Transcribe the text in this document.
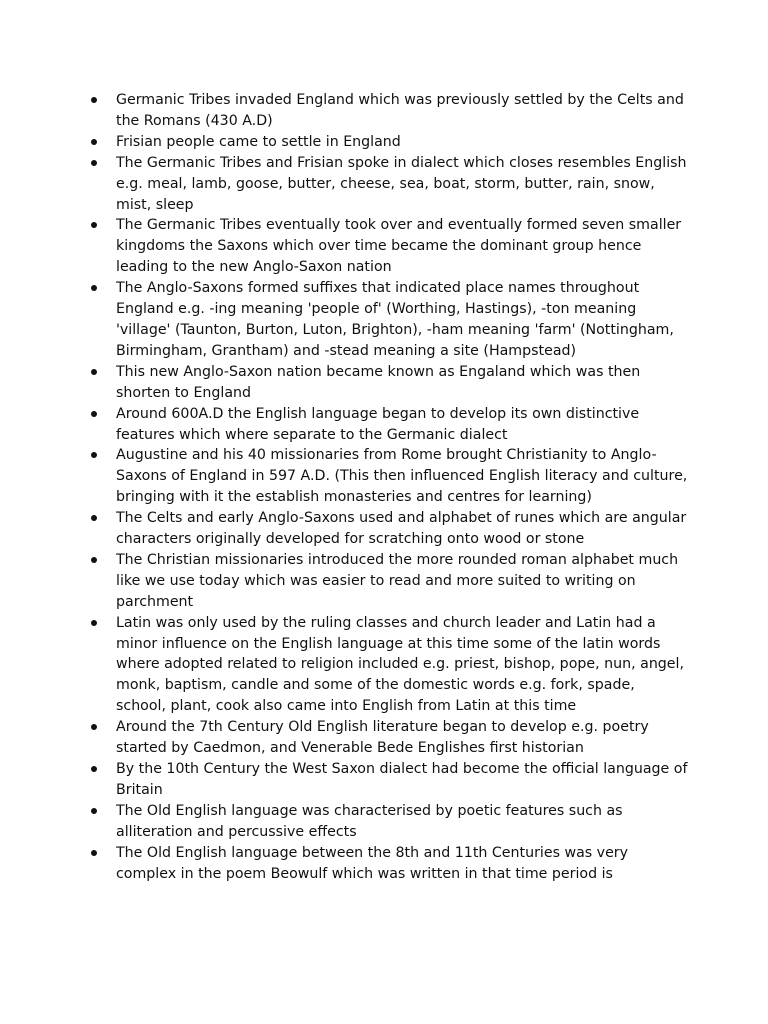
Germanic Tribes invaded England which was previously settled by the Celts and the Romans (430 A.D)
Frisian people came to settle in England
The Germanic Tribes and Frisian spoke in dialect which closes resembles English e.g. meal, lamb, goose, butter, cheese, sea, boat, storm, butter, rain, snow, mist, sleep
The Germanic Tribes eventually took over and eventually formed seven smaller kingdoms the Saxons which over time became the dominant group hence leading to the new Anglo-Saxon nation
The Anglo-Saxons formed suffixes that indicated place names throughout England e.g. -ing meaning 'people of' (Worthing, Hastings), -ton meaning 'village' (Taunton, Burton, Luton, Brighton), -ham meaning 'farm' (Nottingham, Birmingham, Grantham) and -stead meaning a site (Hampstead)
This new Anglo-Saxon nation became known as Engaland which was then shorten to England
Around 600A.D the English language began to develop its own distinctive features which where separate to the Germanic dialect
Augustine and his 40 missionaries from Rome brought Christianity to Anglo-Saxons of England in 597 A.D. (This then influenced English literacy and culture, bringing with it the establish monasteries and centres for learning)
The Celts and early Anglo-Saxons used and alphabet of runes which are angular characters originally developed for scratching onto wood or stone
The Christian missionaries introduced the more rounded roman alphabet much like we use today which was easier to read and more suited to writing on parchment
Latin was only used by the ruling classes and church leader and Latin had a minor influence on the English language at this time some of the latin words where adopted related to religion included e.g. priest, bishop, pope, nun, angel, monk, baptism, candle and some of the domestic words e.g. fork, spade, school, plant, cook also came into English from Latin at this time
Around the 7th Century Old English literature began to develop e.g. poetry started by Caedmon, and Venerable Bede Englishes first historian
By the 10th Century the West Saxon dialect had become the official language of Britain
The Old English language was characterised by poetic features such as alliteration and percussive effects
The Old English language between the 8th and 11th Centuries was very complex in the poem Beowulf which was written in that time period is
